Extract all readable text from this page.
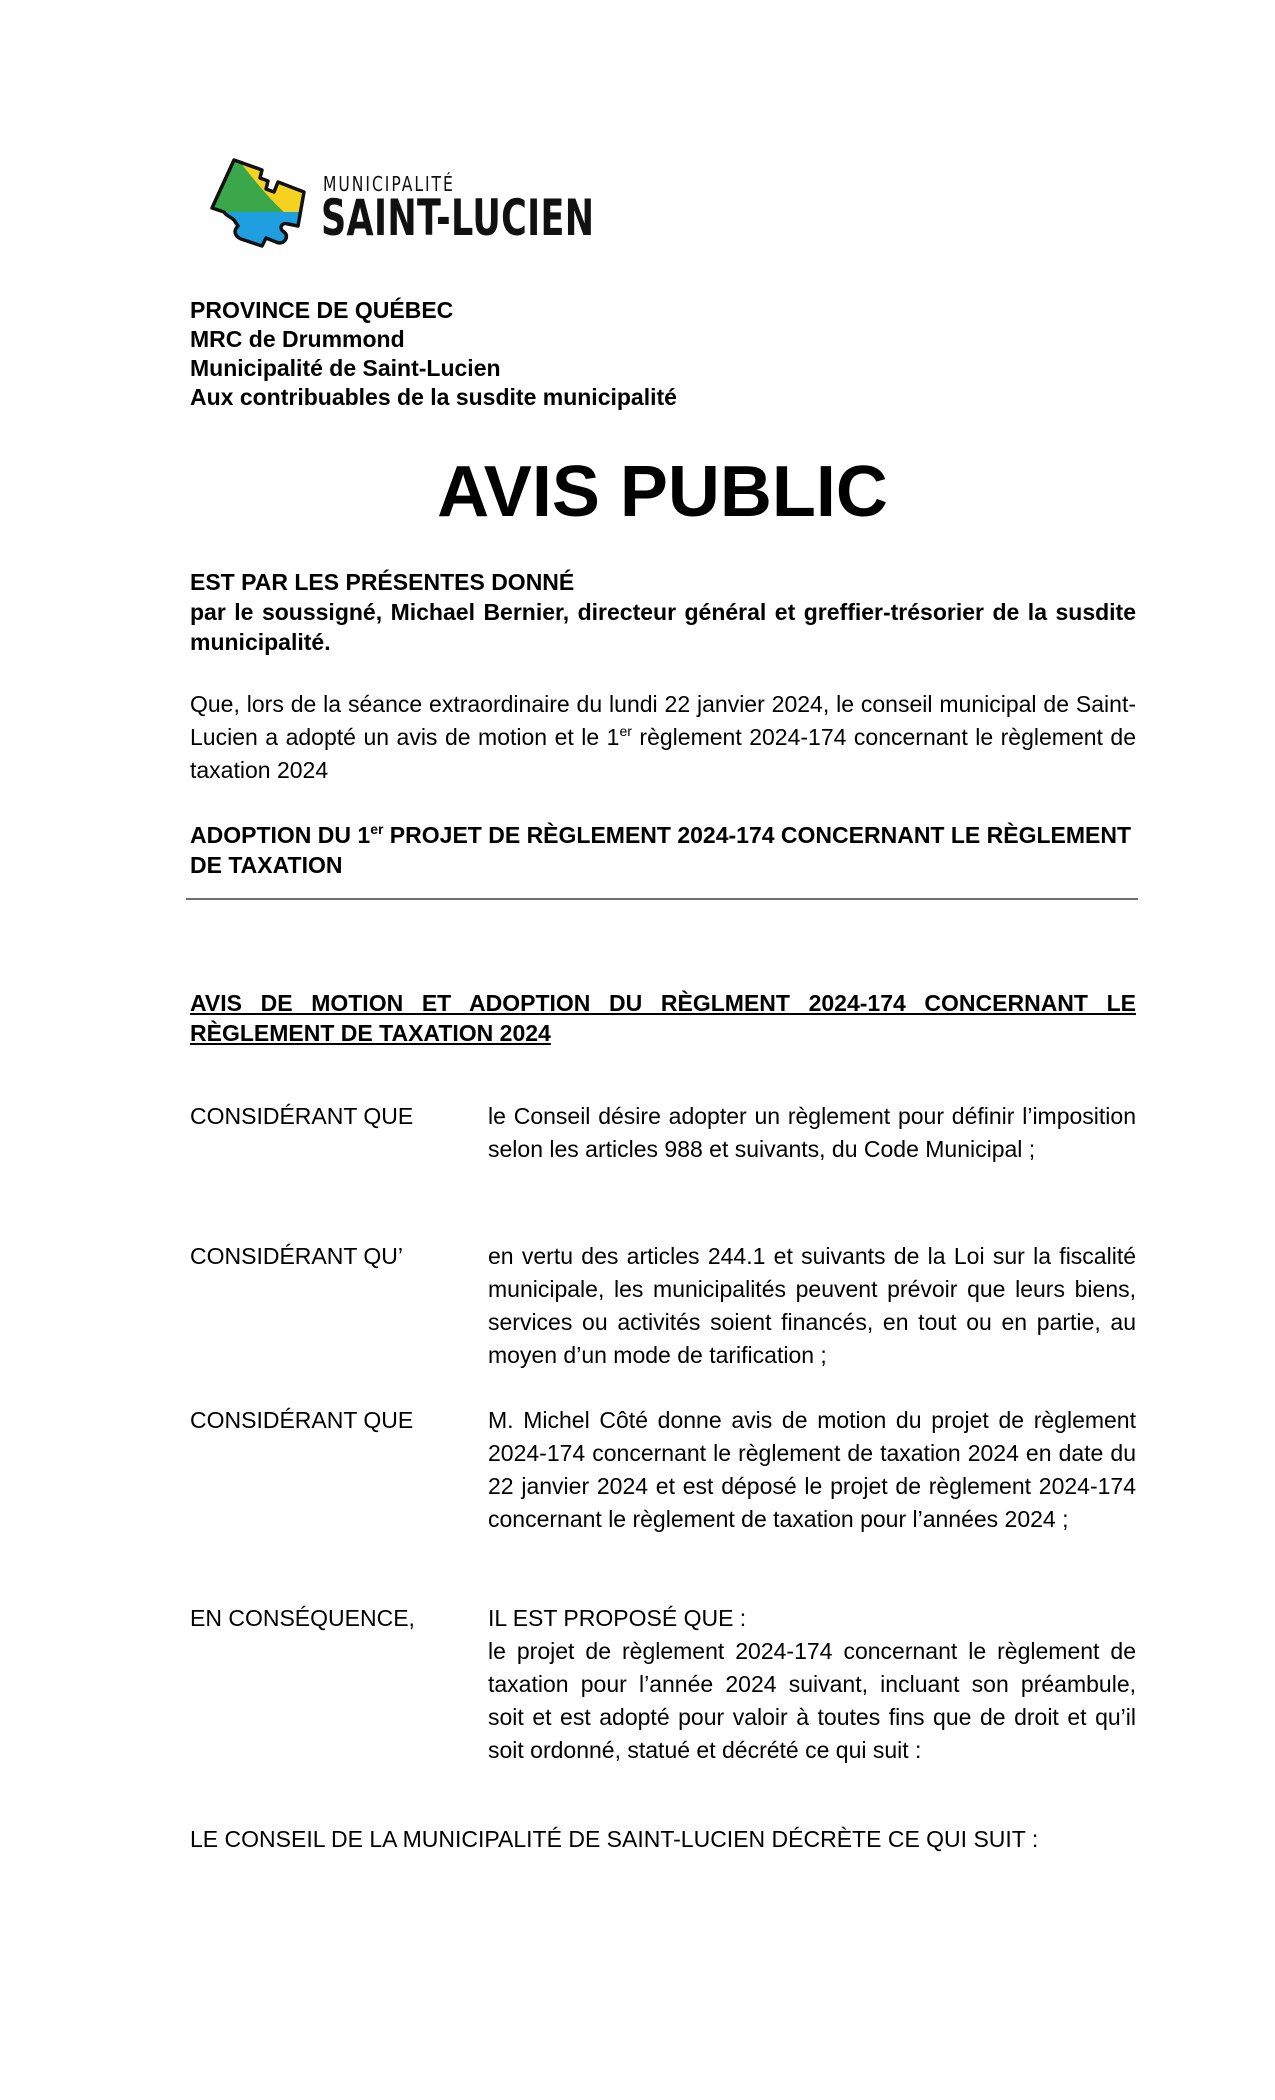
MUNICIPALITÉ
SAINT-LUCIEN
PROVINCE DE QUÉBEC
MRC de Drummond
Municipalité de Saint-Lucien
Aux contribuables de la susdite municipalité
AVIS PUBLIC
EST PAR LES PRÉSENTES DONNÉ
par le soussigné, Michael Bernier, directeur général et greffier-trésorier de la susdite municipalité.
Que, lors de la séance extraordinaire du lundi 22 janvier 2024, le conseil municipal de Saint-Lucien a adopté un avis de motion et le 1er règlement 2024-174 concernant le règlement de taxation 2024
ADOPTION DU 1er PROJET DE RÈGLEMENT 2024-174 CONCERNANT LE RÈGLEMENT DE TAXATION
AVIS DE MOTION ET ADOPTION DU RÈGLMENT 2024-174 CONCERNANT LE RÈGLEMENT DE TAXATION 2024
CONSIDÉRANT QUE	le Conseil désire adopter un règlement pour définir l’imposition selon les articles 988 et suivants, du Code Municipal ;
CONSIDÉRANT QU’	en vertu des articles 244.1 et suivants de la Loi sur la fiscalité municipale, les municipalités peuvent prévoir que leurs biens, services ou activités soient financés, en tout ou en partie, au moyen d’un mode de tarification ;
CONSIDÉRANT QUE	M. Michel Côté donne avis de motion du projet de règlement 2024-174 concernant le règlement de taxation 2024 en date du 22 janvier 2024 et est déposé le projet de règlement 2024-174 concernant le règlement de taxation pour l’années 2024 ;
EN CONSÉQUENCE,	IL EST PROPOSÉ QUE :
le projet de règlement 2024-174 concernant le règlement de taxation pour l’année 2024 suivant, incluant son préambule, soit et est adopté pour valoir à toutes fins que de droit et qu’il soit ordonné, statué et décrété ce qui suit :
LE CONSEIL DE LA MUNICIPALITÉ DE SAINT-LUCIEN DÉCRÈTE CE QUI SUIT :
